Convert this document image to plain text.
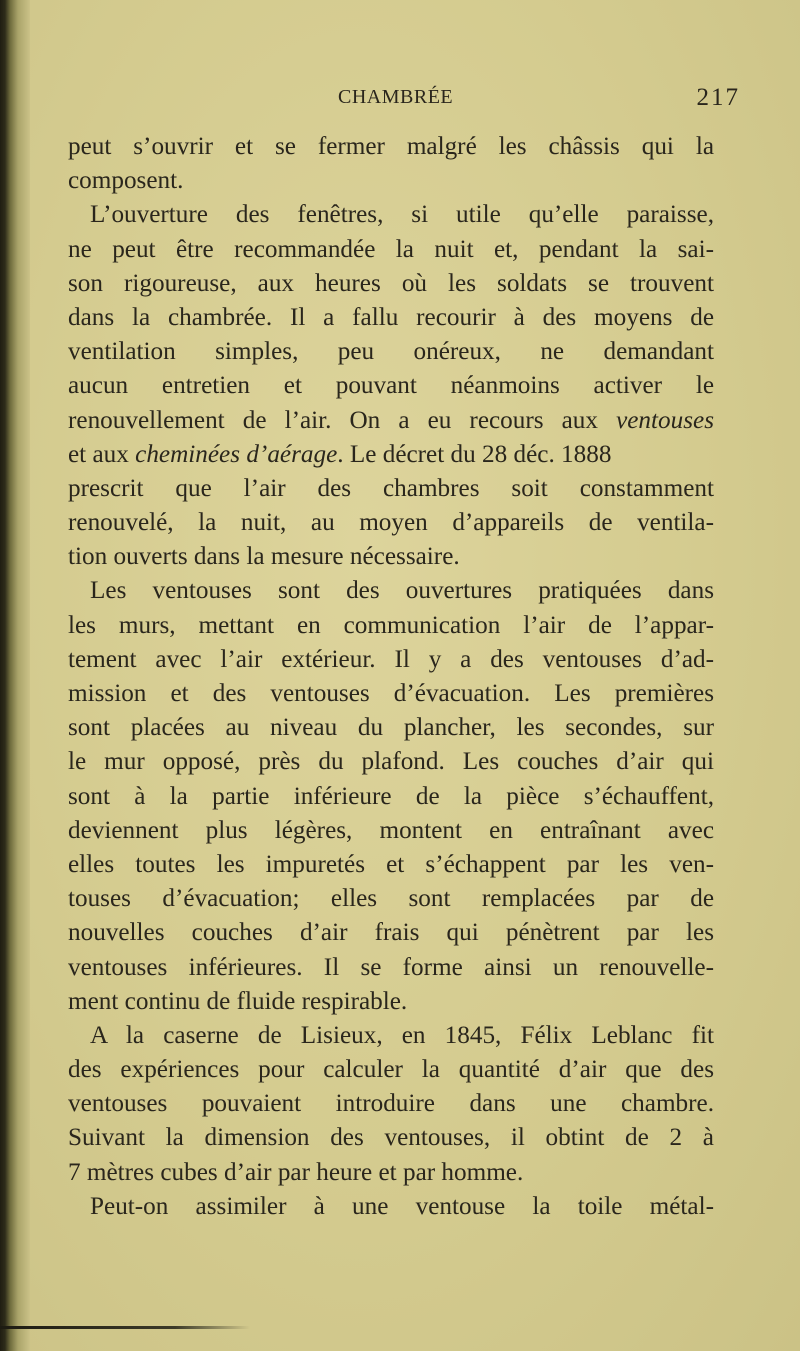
CHAMBRÉE	217
peut s’ouvrir et se fermer malgré les châssis qui la
composent.
L’ouverture des fenêtres, si utile qu’elle paraisse,
ne peut être recommandée la nuit et, pendant la sai-
son rigoureuse, aux heures où les soldats se trouvent
dans la chambrée. Il a fallu recourir à des moyens de
ventilation simples, peu onéreux, ne demandant
aucun entretien et pouvant néanmoins activer le
renouvellement de l’air. On a eu recours aux ventouses
et aux cheminées d’aérage. Le décret du 28 déc. 1888
prescrit que l’air des chambres soit constamment
renouvelé, la nuit, au moyen d’appareils de ventila-
tion ouverts dans la mesure nécessaire.
Les ventouses sont des ouvertures pratiquées dans
les murs, mettant en communication l’air de l’appar-
tement avec l’air extérieur. Il y a des ventouses d’ad-
mission et des ventouses d’évacuation. Les premières
sont placées au niveau du plancher, les secondes, sur
le mur opposé, près du plafond. Les couches d’air qui
sont à la partie inférieure de la pièce s’échauffent,
deviennent plus légères, montent en entraînant avec
elles toutes les impuretés et s’échappent par les ven-
touses d’évacuation; elles sont remplacées par de
nouvelles couches d’air frais qui pénètrent par les
ventouses inférieures. Il se forme ainsi un renouvelle-
ment continu de fluide respirable.
A la caserne de Lisieux, en 1845, Félix Leblanc fit
des expériences pour calculer la quantité d’air que des
ventouses pouvaient introduire dans une chambre.
Suivant la dimension des ventouses, il obtint de 2 à
7 mètres cubes d’air par heure et par homme.
Peut-on assimiler à une ventouse la toile métal-
